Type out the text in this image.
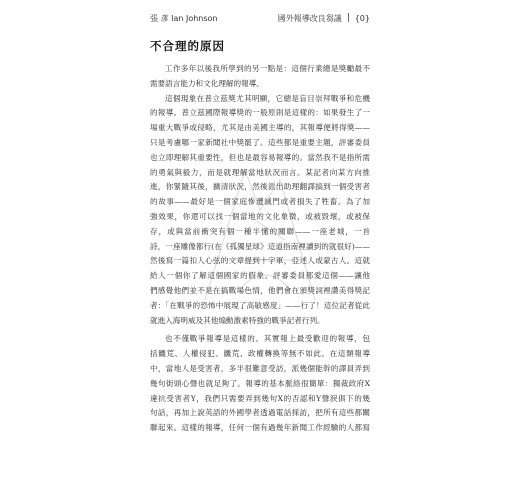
張 彥 Ian Johnson	國外報導改良芻議 {0}
不合理的原因
工作多年以後我所學到的另一點是：這個行業總是獎勵最不
需要語言能力和文化理解的報導。
這個現象在普立茲獎尤其明顯，它總是盲目崇拜戰爭和危機
的報導。普立茲國際報導獎的一般原則是這樣的：如果發生了一
場重大戰爭或侵略，尤其是由美國主導的，其報導便將得獎——
只是考慮哪一家新聞社中獎罷了。這些都是重要主題，評審委員
也立即理解其重要性，但也是最容易報導的。當然我不是指所需
的勇氣與毅力，而是就理解當地狀況而言。某記者向某方向推
進，你緊隨其後，擴清狀況，然後派出助理翻譯搞到一個受害者
的故事——最好是一個家庭慘遭滅門或者損失了牲畜。為了加
強效果，你還可以找一個當地的文化象徵，或被毀壞，或被保
存，或與當前衝突有個一種半懂的關聯——一座老城，一首
詩，一座雕像都行(在《孤獨星球》這道指南裡讀到的就很好)——
然後寫一篇扣人心弦的文章提到十字軍，亞述人或蒙古人。這就
給人一個你了解這個國家的假象。評審委員都愛這個——讓他
們感覺他們並不是在搞戰場色情，他們會在頒獎詞裡讚美得獎記
者：「在戰爭的恐怖中展現了高敏感度」——行了！這位記者從此
就進入海明威及其他煽動激素特強的戰爭記者行列。
也不僅戰爭報導是這樣的。其實報上最受歡迎的報導，包
括饑荒、人權侵犯、饑荒、政權轉換等無不如此。在這類報導
中，當地人是受害者，多半很難意受訪，派幾個能幹的譯員弄到
幾句街頭心聲也就足夠了。報導的基本脈絡很簡單：獨裁政府X
違抗受害者Y，我們只需要弄到幾句X的否認和Y聲淚俱下的幾
句話，再加上說英語的外國學者透過電話採訪，把所有這些都關
聯起來。這樣的報導，任何一個有過幾年新聞工作經驗的人都寫
